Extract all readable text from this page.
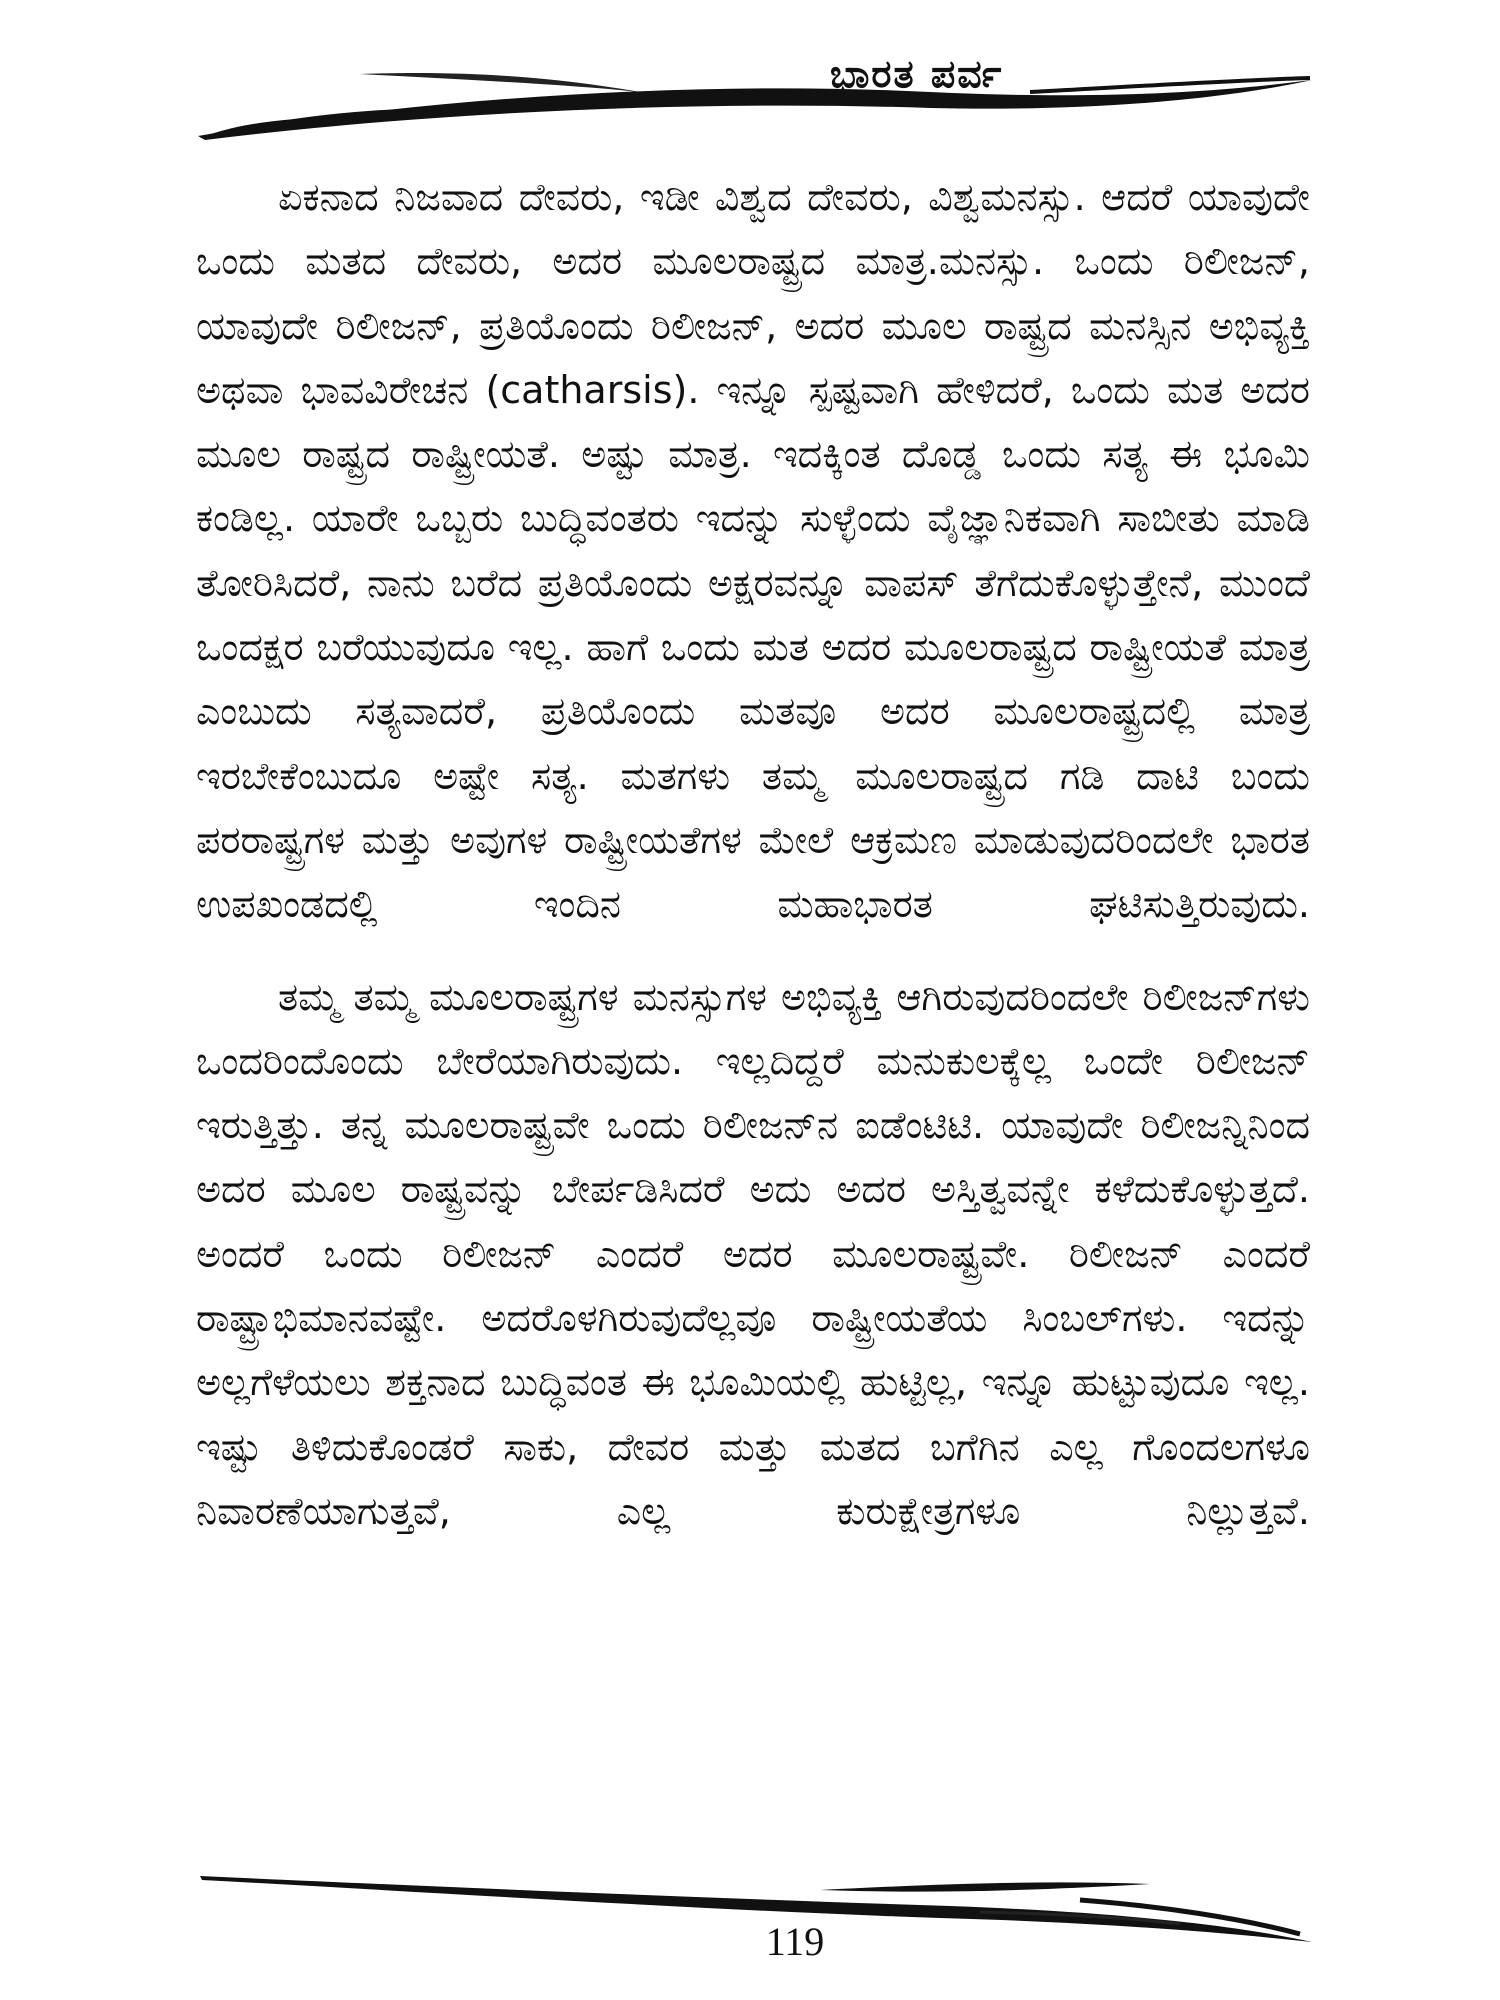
ಭಾರತ ಪರ್ವ

ಏಕನಾದ ನಿಜವಾದ ದೇವರು, ಇಡೀ ವಿಶ್ವದ ದೇವರು, ವಿಶ್ವಮನಸ್ಸು. ಆದರೆ ಯಾವುದೇ ಒಂದು ಮತದ ದೇವರು, ಅದರ ಮೂಲರಾಷ್ಟ್ರದ ಮಾತ್ರ.ಮನಸ್ಸು. ಒಂದು ರಿಲೀಜನ್, ಯಾವುದೇ ರಿಲೀಜನ್, ಪ್ರತಿಯೊಂದು ರಿಲೀಜನ್, ಅದರ ಮೂಲ ರಾಷ್ಟ್ರದ ಮನಸ್ಸಿನ ಅಭಿವ್ಯಕ್ತಿ ಅಥವಾ ಭಾವವಿರೇಚನ (catharsis). ಇನ್ನೂ ಸ್ಪಷ್ಟವಾಗಿ ಹೇಳಿದರೆ, ಒಂದು ಮತ ಅದರ ಮೂಲ ರಾಷ್ಟ್ರದ ರಾಷ್ಟ್ರೀಯತೆ. ಅಷ್ಟು ಮಾತ್ರ. ಇದಕ್ಕಿಂತ ದೊಡ್ಡ ಒಂದು ಸತ್ಯ ಈ ಭೂಮಿ ಕಂಡಿಲ್ಲ. ಯಾರೇ ಒಬ್ಬರು ಬುದ್ಧಿವಂತರು ಇದನ್ನು ಸುಳ್ಳೆಂದು ವೈಜ್ಞಾನಿಕವಾಗಿ ಸಾಬೀತು ಮಾಡಿ ತೋರಿಸಿದರೆ, ನಾನು ಬರೆದ ಪ್ರತಿಯೊಂದು ಅಕ್ಷರವನ್ನೂ ವಾಪಸ್ ತೆಗೆದುಕೊಳ್ಳುತ್ತೇನೆ, ಮುಂದೆ ಒಂದಕ್ಷರ ಬರೆಯುವುದೂ ಇಲ್ಲ. ಹಾಗೆ ಒಂದು ಮತ ಅದರ ಮೂಲರಾಷ್ಟ್ರದ ರಾಷ್ಟ್ರೀಯತೆ ಮಾತ್ರ ಎಂಬುದು ಸತ್ಯವಾದರೆ, ಪ್ರತಿಯೊಂದು ಮತವೂ ಅದರ ಮೂಲರಾಷ್ಟ್ರದಲ್ಲಿ ಮಾತ್ರ ಇರಬೇಕೆಂಬುದೂ ಅಷ್ಟೇ ಸತ್ಯ. ಮತಗಳು ತಮ್ಮ ಮೂಲರಾಷ್ಟ್ರದ ಗಡಿ ದಾಟಿ ಬಂದು ಪರರಾಷ್ಟ್ರಗಳ ಮತ್ತು ಅವುಗಳ ರಾಷ್ಟ್ರೀಯತೆಗಳ ಮೇಲೆ ಆಕ್ರಮಣ ಮಾಡುವುದರಿಂದಲೇ ಭಾರತ ಉಪಖಂಡದಲ್ಲಿ ಇಂದಿನ ಮಹಾಭಾರತ ಘಟಿಸುತ್ತಿರುವುದು.

ತಮ್ಮ ತಮ್ಮ ಮೂಲರಾಷ್ಟ್ರಗಳ ಮನಸ್ಸುಗಳ ಅಭಿವ್ಯಕ್ತಿ ಆಗಿರುವುದರಿಂದಲೇ ರಿಲೀಜನ್‌ಗಳು ಒಂದರಿಂದೊಂದು ಬೇರೆಯಾಗಿರುವುದು. ಇಲ್ಲದಿದ್ದರೆ ಮನುಕುಲಕ್ಕೆಲ್ಲ ಒಂದೇ ರಿಲೀಜನ್ ಇರುತ್ತಿತ್ತು. ತನ್ನ ಮೂಲರಾಷ್ಟ್ರವೇ ಒಂದು ರಿಲೀಜನ್‌ನ ಐಡೆಂಟಿಟಿ. ಯಾವುದೇ ರಿಲೀಜನ್ನಿನಿಂದ ಅದರ ಮೂಲ ರಾಷ್ಟ್ರವನ್ನು ಬೇರ್ಪಡಿಸಿದರೆ ಅದು ಅದರ ಅಸ್ತಿತ್ವವನ್ನೇ ಕಳೆದುಕೊಳ್ಳುತ್ತದೆ. ಅಂದರೆ ಒಂದು ರಿಲೀಜನ್ ಎಂದರೆ ಅದರ ಮೂಲರಾಷ್ಟ್ರವೇ. ರಿಲೀಜನ್ ಎಂದರೆ ರಾಷ್ಟ್ರಾಭಿಮಾನವಷ್ಟೇ. ಅದರೊಳಗಿರುವುದೆಲ್ಲವೂ ರಾಷ್ಟ್ರೀಯತೆಯ ಸಿಂಬಲ್‌ಗಳು. ಇದನ್ನು ಅಲ್ಲಗೆಳೆಯಲು ಶಕ್ತನಾದ ಬುದ್ಧಿವಂತ ಈ ಭೂಮಿಯಲ್ಲಿ ಹುಟ್ಟಿಲ್ಲ, ಇನ್ನೂ ಹುಟ್ಟುವುದೂ ಇಲ್ಲ. ಇಷ್ಟು ತಿಳಿದುಕೊಂಡರೆ ಸಾಕು, ದೇವರ ಮತ್ತು ಮತದ ಬಗೆಗಿನ ಎಲ್ಲ ಗೊಂದಲಗಳೂ ನಿವಾರಣೆಯಾಗುತ್ತವೆ, ಎಲ್ಲ ಕುರುಕ್ಷೇತ್ರಗಳೂ ನಿಲ್ಲುತ್ತವೆ.

119
